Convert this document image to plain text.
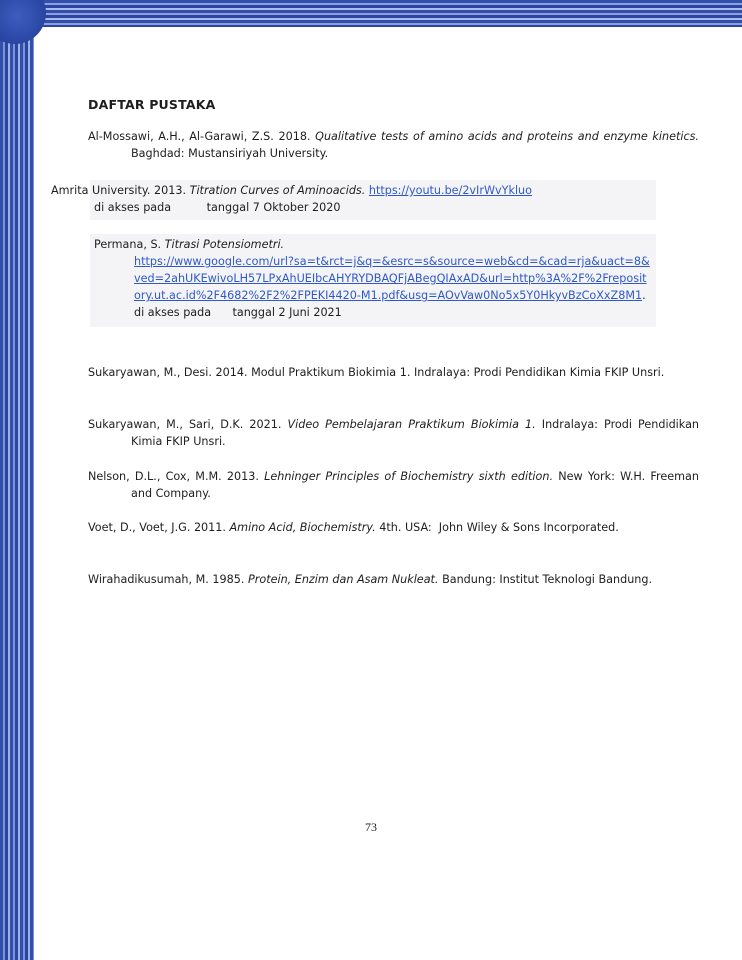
DAFTAR PUSTAKA
Al-Mossawi, A.H., Al-Garawi, Z.S. 2018. Qualitative tests of amino acids and proteins and enzyme kinetics. Baghdad: Mustansiriyah University.
Amrita University. 2013. Titration Curves of Aminoacids. https://youtu.be/2vIrWvYkluo
di akses pada          tanggal 7 Oktober 2020
Permana, S. Titrasi Potensiometri.
https://www.google.com/url?sa=t&rct=j&q=&esrc=s&source=web&cd=&cad=rja&uact=8&ved=2ahUKEwivoLH57LPxAhUEIbcAHYRYDBAQFjABegQIAxAD&url=http%3A%2F%2Frepository.ut.ac.id%2F4682%2F2%2FPEKI4420-M1.pdf&usg=AOvVaw0No5x5Y0HkyvBzCoXxZ8M1. di akses pada      tanggal 2 Juni 2021
Sukaryawan, M., Desi. 2014. Modul Praktikum Biokimia 1. Indralaya: Prodi Pendidikan Kimia FKIP Unsri.
Sukaryawan, M., Sari, D.K. 2021. Video Pembelajaran Praktikum Biokimia 1. Indralaya: Prodi Pendidikan Kimia FKIP Unsri.
Nelson, D.L., Cox, M.M. 2013. Lehninger Principles of Biochemistry sixth edition. New York: W.H. Freeman and Company.
Voet, D., Voet, J.G. 2011. Amino Acid, Biochemistry. 4th. USA:  John Wiley & Sons Incorporated.
Wirahadikusumah, M. 1985. Protein, Enzim dan Asam Nukleat. Bandung: Institut Teknologi Bandung.
73
